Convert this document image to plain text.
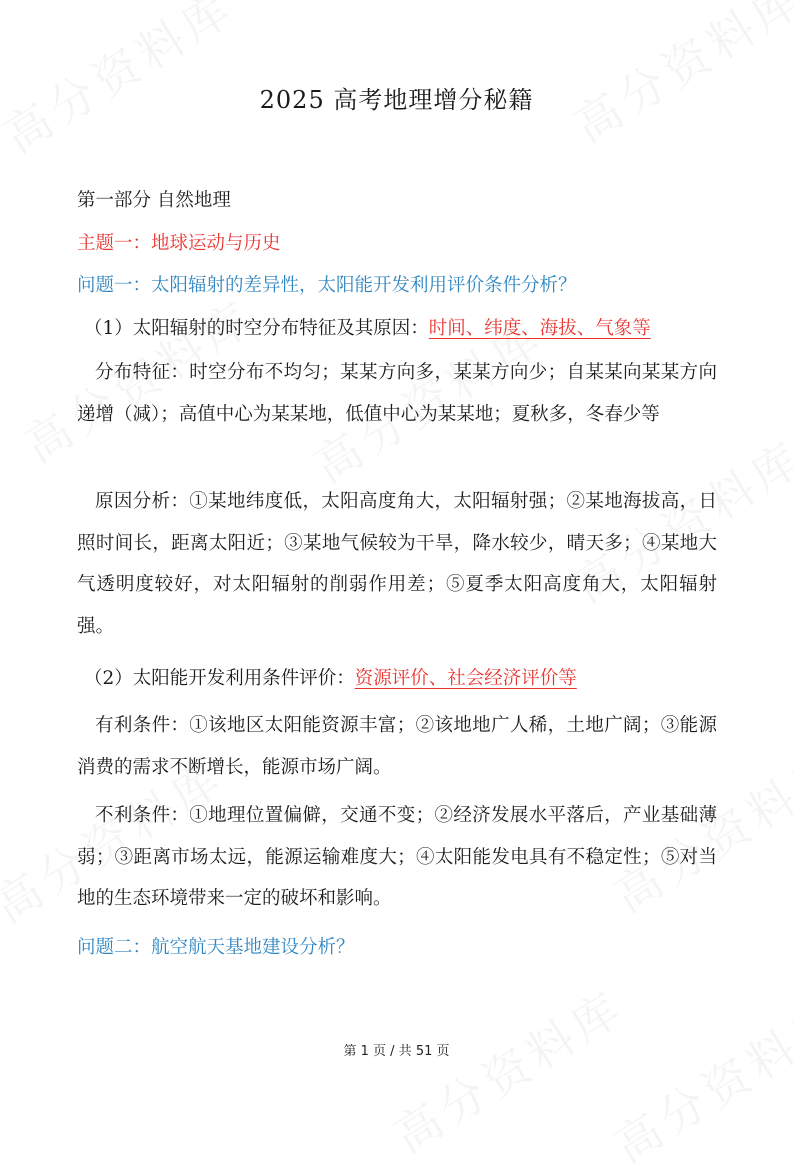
2025 高考地理增分秘籍
第一部分 自然地理
主题一：地球运动与历史
问题一：太阳辐射的差异性，太阳能开发利用评价条件分析？
（1）太阳辐射的时空分布特征及其原因：时间、纬度、海拔、气象等
分布特征：时空分布不均匀；某某方向多，某某方向少；自某某向某某方向递增（减）；高值中心为某某地，低值中心为某某地；夏秋多，冬春少等
原因分析：①某地纬度低，太阳高度角大，太阳辐射强；②某地海拔高，日照时间长，距离太阳近；③某地气候较为干旱，降水较少，晴天多；④某地大气透明度较好，对太阳辐射的削弱作用差；⑤夏季太阳高度角大，太阳辐射强。
（2）太阳能开发利用条件评价：资源评价、社会经济评价等
有利条件：①该地区太阳能资源丰富；②该地地广人稀，土地广阔；③能源消费的需求不断增长，能源市场广阔。
不利条件：①地理位置偏僻，交通不变；②经济发展水平落后，产业基础薄弱；③距离市场太远，能源运输难度大；④太阳能发电具有不稳定性；⑤对当地的生态环境带来一定的破坏和影响。
问题二：航空航天基地建设分析？
第 1 页 / 共 51 页
